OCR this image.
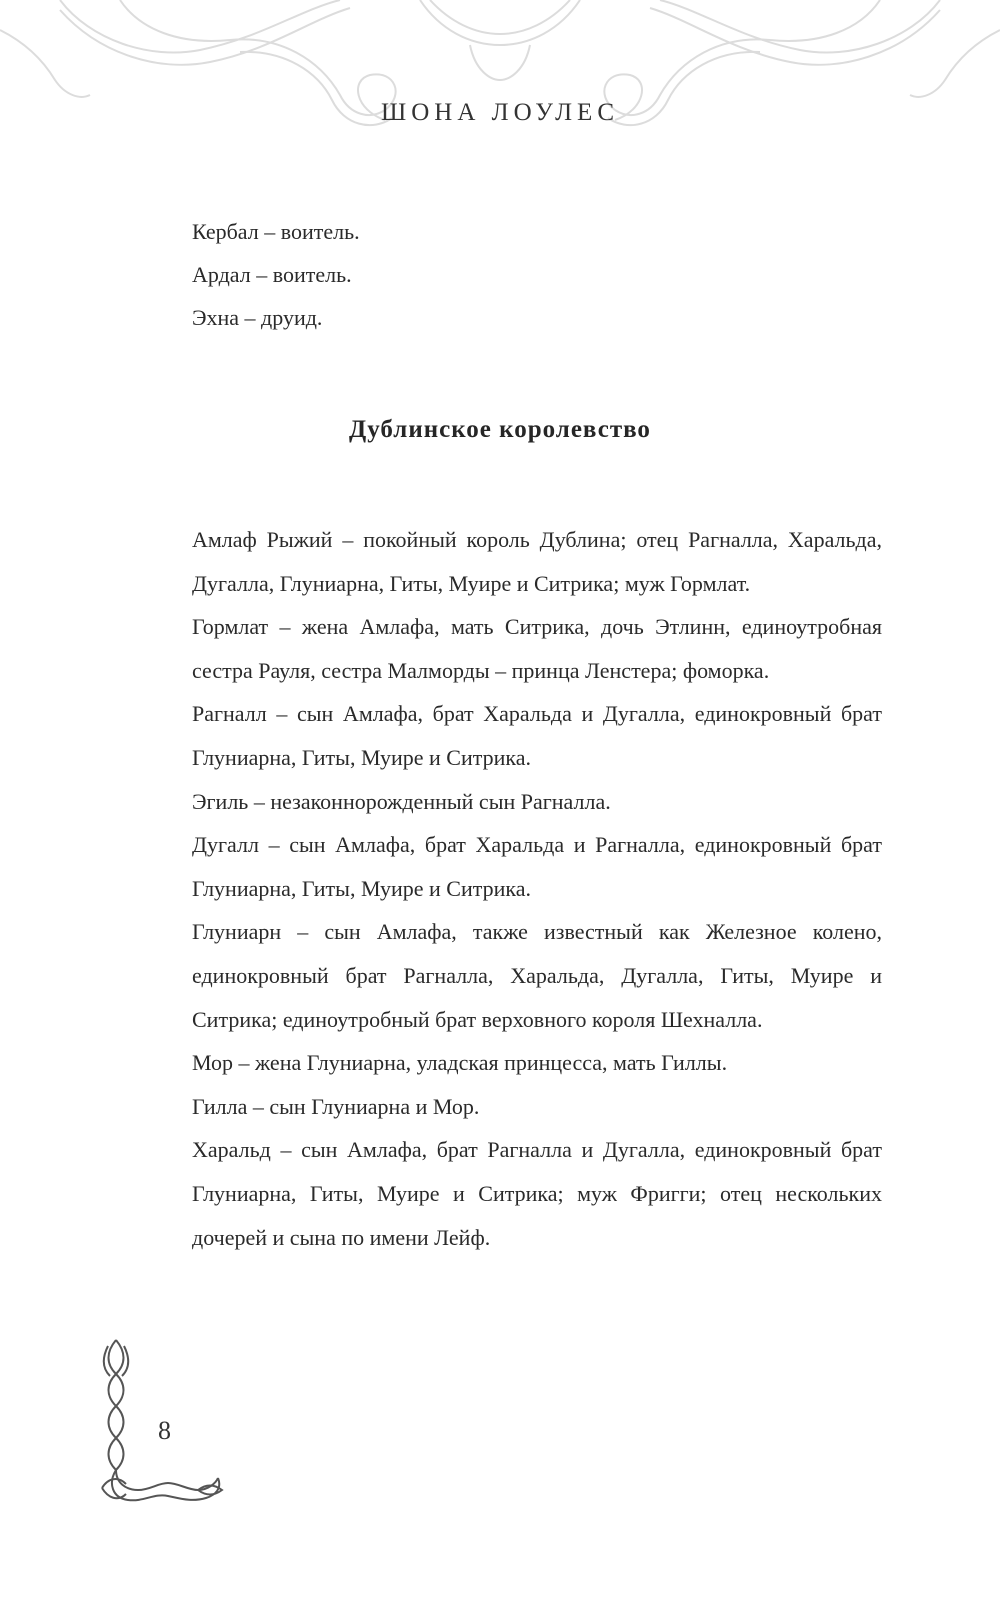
ШОНА ЛОУЛЕС

Кербал – воитель.

Ардал – воитель.

Эхна – друид.

Дублинское королевство

Амлаф Рыжий – покойный король Дублина; отец Рагналла, Харальда, Дугалла, Глуниарна, Гиты, Муире и Ситрика; муж Гормлат.

Гормлат – жена Амлафа, мать Ситрика, дочь Этлинн, единоутробная сестра Рауля, сестра Малморды – принца Ленстера; фоморка.

Рагналл – сын Амлафа, брат Харальда и Дугалла, единокровный брат Глуниарна, Гиты, Муире и Ситрика.

Эгиль – незаконнорожденный сын Рагналла.

Дугалл – сын Амлафа, брат Харальда и Рагналла, единокровный брат Глуниарна, Гиты, Муире и Ситрика.

Глуниарн – сын Амлафа, также известный как Железное колено, единокровный брат Рагналла, Харальда, Дугалла, Гиты, Муире и Ситрика; единоутробный брат верховного короля Шехналла.

Мор – жена Глуниарна, уладская принцесса, мать Гиллы.

Гилла – сын Глуниарна и Мор.

Харальд – сын Амлафа, брат Рагналла и Дугалла, единокровный брат Глуниарна, Гиты, Муире и Ситрика; муж Фригги; отец нескольких дочерей и сына по имени Лейф.

8
